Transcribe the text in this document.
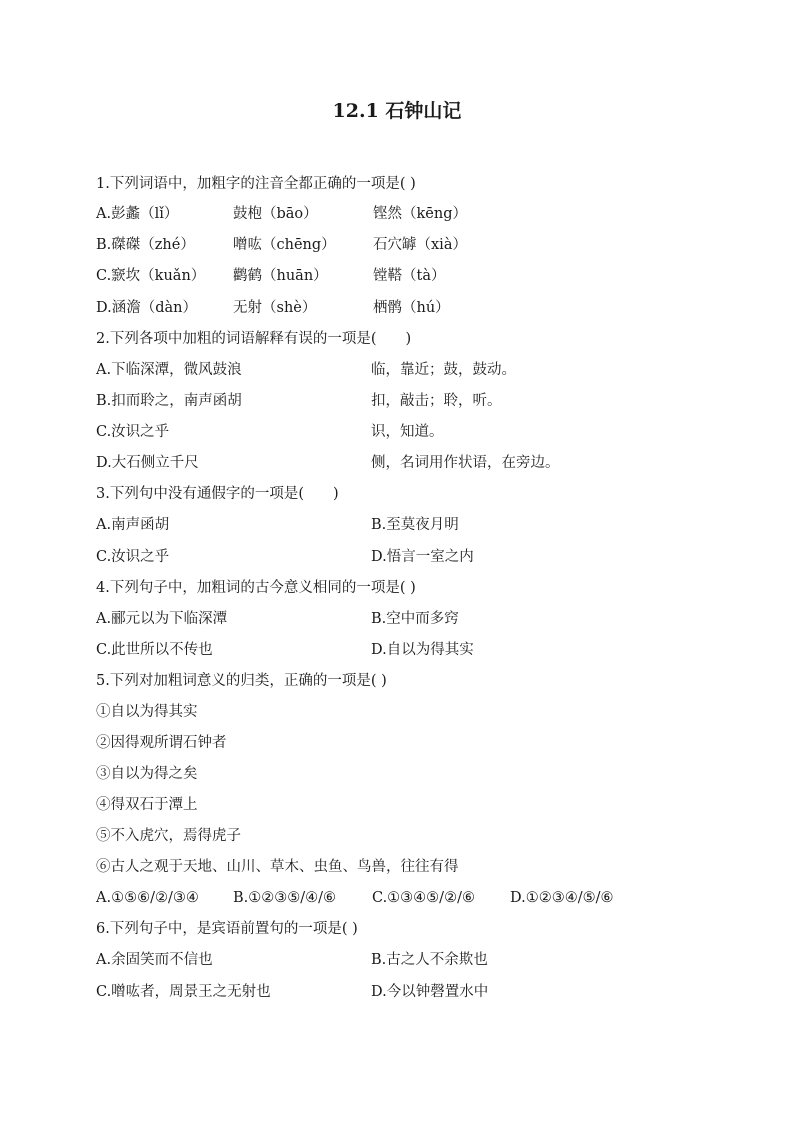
12.1 石钟山记
1.下列词语中，加粗字的注音全都正确的一项是( )
A.彭蠡（lǐ）	鼓枹（bāo）	铿然（kēng）
B.磔磔（zhé）	噌吰（chēng）	石穴罅（xià）
C.窾坎（kuǎn） 鹳鹤（huān）	镗鞳（tà）
D.涵澹（dàn） 无射（shè）	栖鹘（hú）
2.下列各项中加粗的词语解释有误的一项是(　　)
A.下临深潭，微风鼓浪	临，靠近；鼓，鼓动。
B.扣而聆之，南声函胡	扣，敲击；聆，听。
C.汝识之乎	识，知道。
D.大石侧立千尺	侧，名词用作状语，在旁边。
3.下列句中没有通假字的一项是(　　)
A.南声函胡	B.至莫夜月明
C.汝识之乎	D.悟言一室之内
4.下列句子中，加粗词的古今意义相同的一项是( )
A.郦元以为下临深潭	B.空中而多窍
C.此世所以不传也	D.自以为得其实
5.下列对加粗词意义的归类，正确的一项是( )
①自以为得其实
②因得观所谓石钟者
③自以为得之矣
④得双石于潭上
⑤不入虎穴，焉得虎子
⑥古人之观于天地、山川、草木、虫鱼、鸟兽，往往有得
A.①⑤⑥/②/③④ B.①②③⑤/④/⑥ C.①③④⑤/②/⑥ D.①②③④/⑤/⑥
6.下列句子中，是宾语前置句的一项是( )
A.余固笑而不信也	B.古之人不余欺也
C.噌吰者，周景王之无射也	D.今以钟磬置水中
